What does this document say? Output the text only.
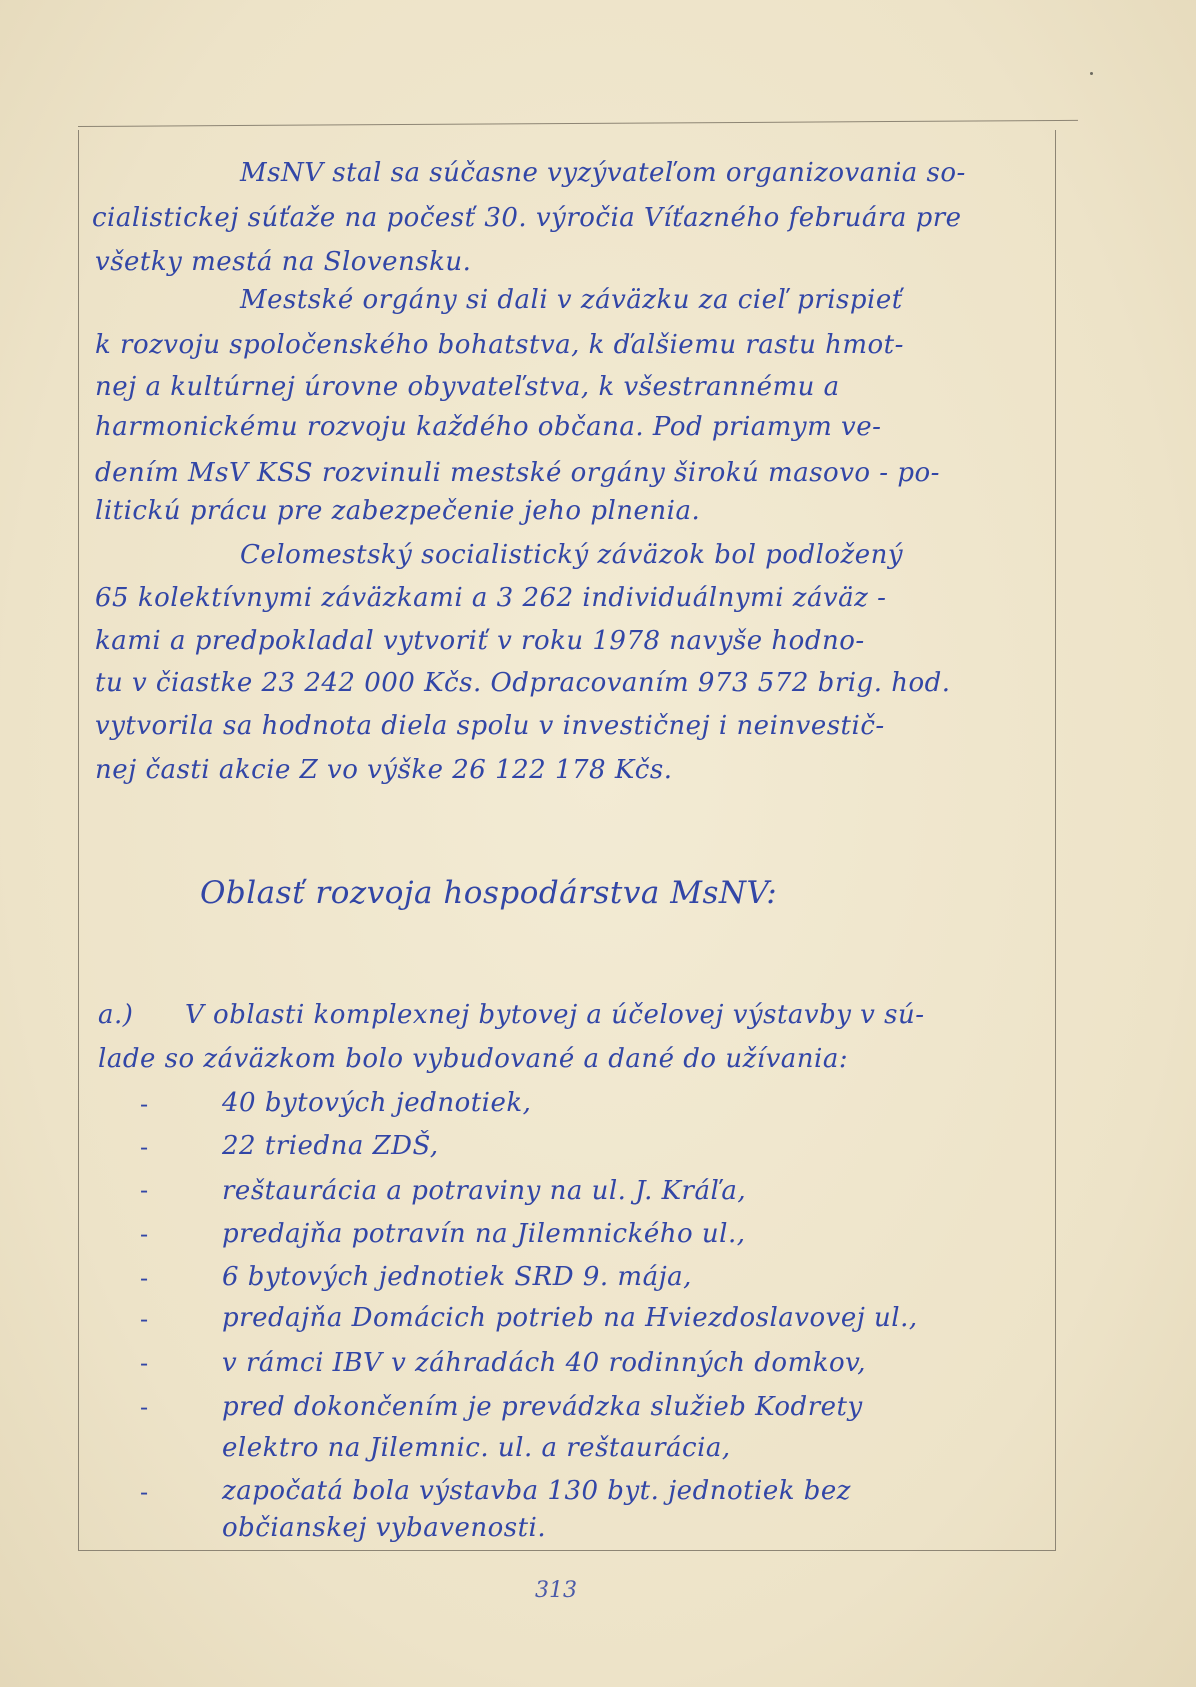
MsNV stal sa súčasne vyzývateľom organizovania so-
cialistickej súťaže na počesť 30. výročia Víťazného februára pre
všetky mestá na Slovensku.
Mestské orgány si dali v záväzku za cieľ prispieť
k rozvoju spoločenského bohatstva, k ďalšiemu rastu hmot-
nej a kultúrnej úrovne obyvateľstva, k všestrannému a
harmonickému rozvoju každého občana. Pod priamym ve-
dením MsV KSS rozvinuli mestské orgány širokú masovo - po-
litickú prácu pre zabezpečenie jeho plnenia.
Celomestský socialistický záväzok bol podložený
65 kolektívnymi záväzkami a 3 262 individuálnymi záväz -
kami a predpokladal vytvoriť v roku 1978 navyše hodno-
tu v čiastke 23 242 000 Kčs. Odpracovaním 973 572 brig. hod.
vytvorila sa hodnota diela spolu v investičnej i neinvestič-
nej časti akcie Z vo výške 26 122 178 Kčs.
Oblasť rozvoja hospodárstva MsNV:
a.) V oblasti komplexnej bytovej a účelovej výstavby v sú-
lade so záväzkom bolo vybudované a dané do užívania:
-	40 bytových jednotiek,
-	22 triedna ZDŠ,
-	reštaurácia a potraviny na ul. J. Kráľa,
-	predajňa potravín na Jilemnického ul.,
-	6 bytových jednotiek SRD 9. mája,
-	predajňa Domácich potrieb na Hviezdoslavovej ul.,
-	v rámci IBV v záhradách 40 rodinných domkov,
-	pred dokončením je prevádzka služieb Kodrety
elektro na Jilemnic. ul. a reštaurácia,
-	započatá bola výstavba 130 byt. jednotiek bez
občianskej vybavenosti.
313
